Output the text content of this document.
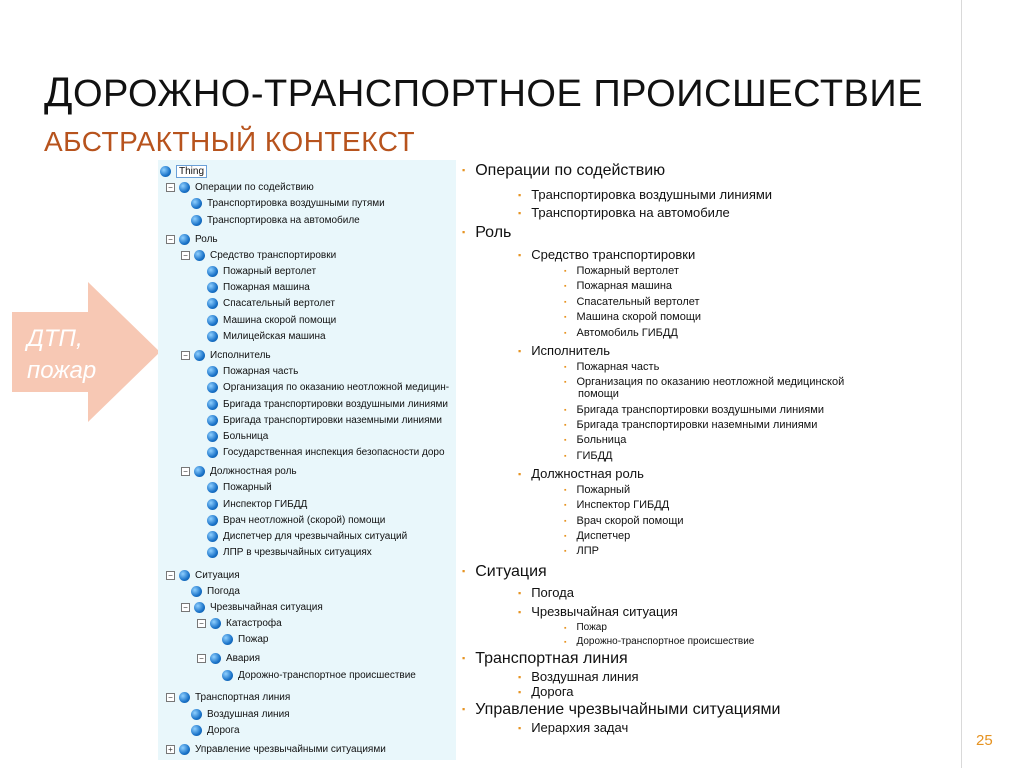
ДОРОЖНО-ТРАНСПОРТНОЕ ПРОИСШЕСТВИЕ
АБСТРАКТНЫЙ КОНТЕКСТ
ДТП,
пожар
Thing
− Операции по содействию
Транспортировка воздушными путями
Транспортировка на автомобиле
− Роль
− Средство транспортировки
Пожарный вертолет
Пожарная машина
Спасательный вертолет
Машина скорой помощи
Милицейская машина
− Исполнитель
Пожарная часть
Организация по оказанию неотложной медицин-
Бригада транспортировки воздушными линиями
Бригада транспортировки наземными линиями
Больница
Государственная инспекция безопасности доро
− Должностная роль
Пожарный
Инспектор ГИБДД
Врач неотложной (скорой) помощи
Диспетчер для чрезвычайных ситуаций
ЛПР в чрезвычайных ситуациях
− Ситуация
Погода
− Чрезвычайная ситуация
− Катастрофа
Пожар
− Авария
Дорожно-транспортное происшествие
− Транспортная линия
Воздушная линия
Дорога
+ Управление чрезвычайными ситуациями
▪ Операции по содействию
▪ Транспортировка воздушными линиями
▪ Транспортировка на автомобиле
▪ Роль
▪ Средство транспортировки
▪ Пожарный вертолет
▪ Пожарная машина
▪ Спасательный вертолет
▪ Машина скорой помощи
▪ Автомобиль ГИБДД
▪ Исполнитель
▪ Пожарная часть
▪ Организация по оказанию неотложной медицинской
помощи
▪ Бригада транспортировки воздушными линиями
▪ Бригада транспортировки наземными линиями
▪ Больница
▪ ГИБДД
▪ Должностная роль
▪ Пожарный
▪ Инспектор ГИБДД
▪ Врач скорой помощи
▪ Диспетчер
▪ ЛПР
▪ Ситуация
▪ Погода
▪ Чрезвычайная ситуация
▪ Пожар
▪ Дорожно-транспортное происшествие
▪ Транспортная линия
▪ Воздушная линия
▪ Дорога
▪ Управление чрезвычайными ситуациями
▪ Иерархия задач
25
